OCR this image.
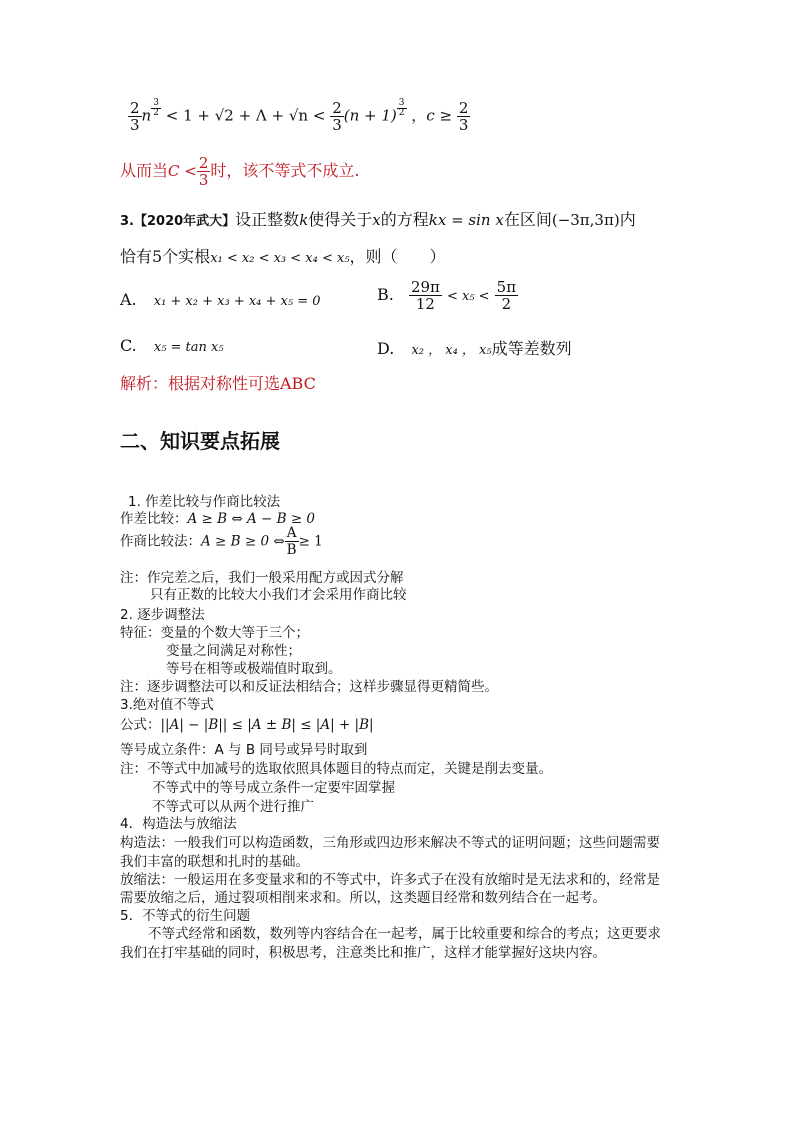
$\frac{2}{3}$ n $^{\frac{3}{2}} < 1 + √2 + \Lambda + √n < \frac{2}{3} (n + 1)$ $^{\frac{3}{2}}$ ，$c \ge \frac{2}{3}$
从而当$C < \frac{2}{3}$ 时，该不等式不成立.
3.【2020年武大】设正整数k使得关于x的方程kx = sin x在区间(−3π,3π)内
恰有5个实根x₁ < x₂ < x₃ < x₄ < x₅，则（　　）
A. x₁ + x₂ + x₃ + x₄ + x₅ = 0	B. $\frac{29\pi}{12} < x_5 < \frac{5\pi}{2}$
C. x₅ = tan x₅	D. x₂ ， x₄ ， x₅成等差数列
解析：根据对称性可选ABC
二、知识要点拓展
1. 作差比较与作商比较法
作差比较：A ≥ B ⇔ A − B ≥ 0
作商比较法：A ≥ B ≥ 0 ⇔ $\frac{A}{B} \ge 1$
注：作完差之后，我们一般采用配方或因式分解
只有正数的比较大小我们才会采用作商比较
2. 逐步调整法
特征：变量的个数大等于三个；
变量之间满足对称性；
等号在相等或极端值时取到。
注：逐步调整法可以和反证法相结合；这样步骤显得更精简些。
3.绝对值不等式
公式：||A| − |B|| ≤ |A ± B| ≤ |A| + |B|
等号成立条件：A 与 B 同号或异号时取到
注：不等式中加减号的选取依照具体题目的特点而定，关键是削去变量。
不等式中的等号成立条件一定要牢固掌握
不等式可以从两个进行推广
4．构造法与放缩法
构造法：一般我们可以构造函数，三角形或四边形来解决不等式的证明问题；这些问题需要
我们丰富的联想和扎时的基础。
放缩法：一般运用在多变量求和的不等式中，许多式子在没有放缩时是无法求和的，经常是
需要放缩之后，通过裂项相削来求和。所以，这类题目经常和数列结合在一起考。
5．不等式的衍生问题
不等式经常和函数，数列等内容结合在一起考，属于比较重要和综合的考点；这更要求
我们在打牢基础的同时，积极思考，注意类比和推广，这样才能掌握好这块内容。
